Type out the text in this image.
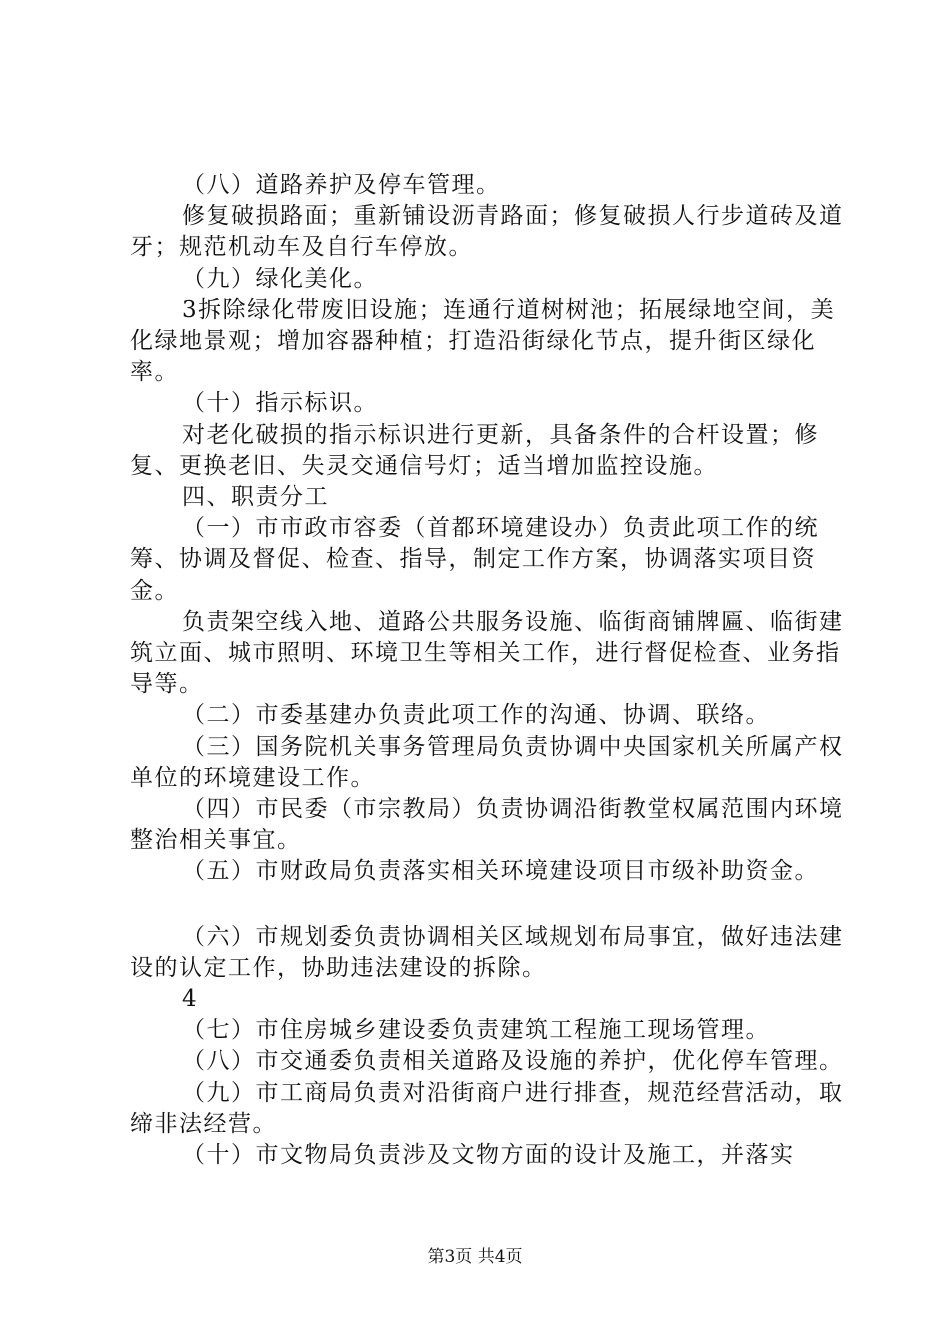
（八）道路养护及停车管理。

修复破损路面；重新铺设沥青路面；修复破损人行步道砖及道牙；规范机动车及自行车停放。

（九）绿化美化。

3拆除绿化带废旧设施；连通行道树树池；拓展绿地空间，美化绿地景观；增加容器种植；打造沿街绿化节点，提升街区绿化率。

（十）指示标识。

对老化破损的指示标识进行更新，具备条件的合杆设置；修复、更换老旧、失灵交通信号灯；适当增加监控设施。

四、职责分工

（一）市市政市容委（首都环境建设办）负责此项工作的统筹、协调及督促、检查、指导，制定工作方案，协调落实项目资金。

负责架空线入地、道路公共服务设施、临街商铺牌匾、临街建筑立面、城市照明、环境卫生等相关工作，进行督促检查、业务指导等。

（二）市委基建办负责此项工作的沟通、协调、联络。

（三）国务院机关事务管理局负责协调中央国家机关所属产权单位的环境建设工作。

（四）市民委（市宗教局）负责协调沿街教堂权属范围内环境整治相关事宜。

（五）市财政局负责落实相关环境建设项目市级补助资金。

（六）市规划委负责协调相关区域规划布局事宜，做好违法建设的认定工作，协助违法建设的拆除。

4

（七）市住房城乡建设委负责建筑工程施工现场管理。

（八）市交通委负责相关道路及设施的养护，优化停车管理。

（九）市工商局负责对沿街商户进行排查，规范经营活动，取缔非法经营。

（十）市文物局负责涉及文物方面的设计及施工，并落实

第3页 共4页
